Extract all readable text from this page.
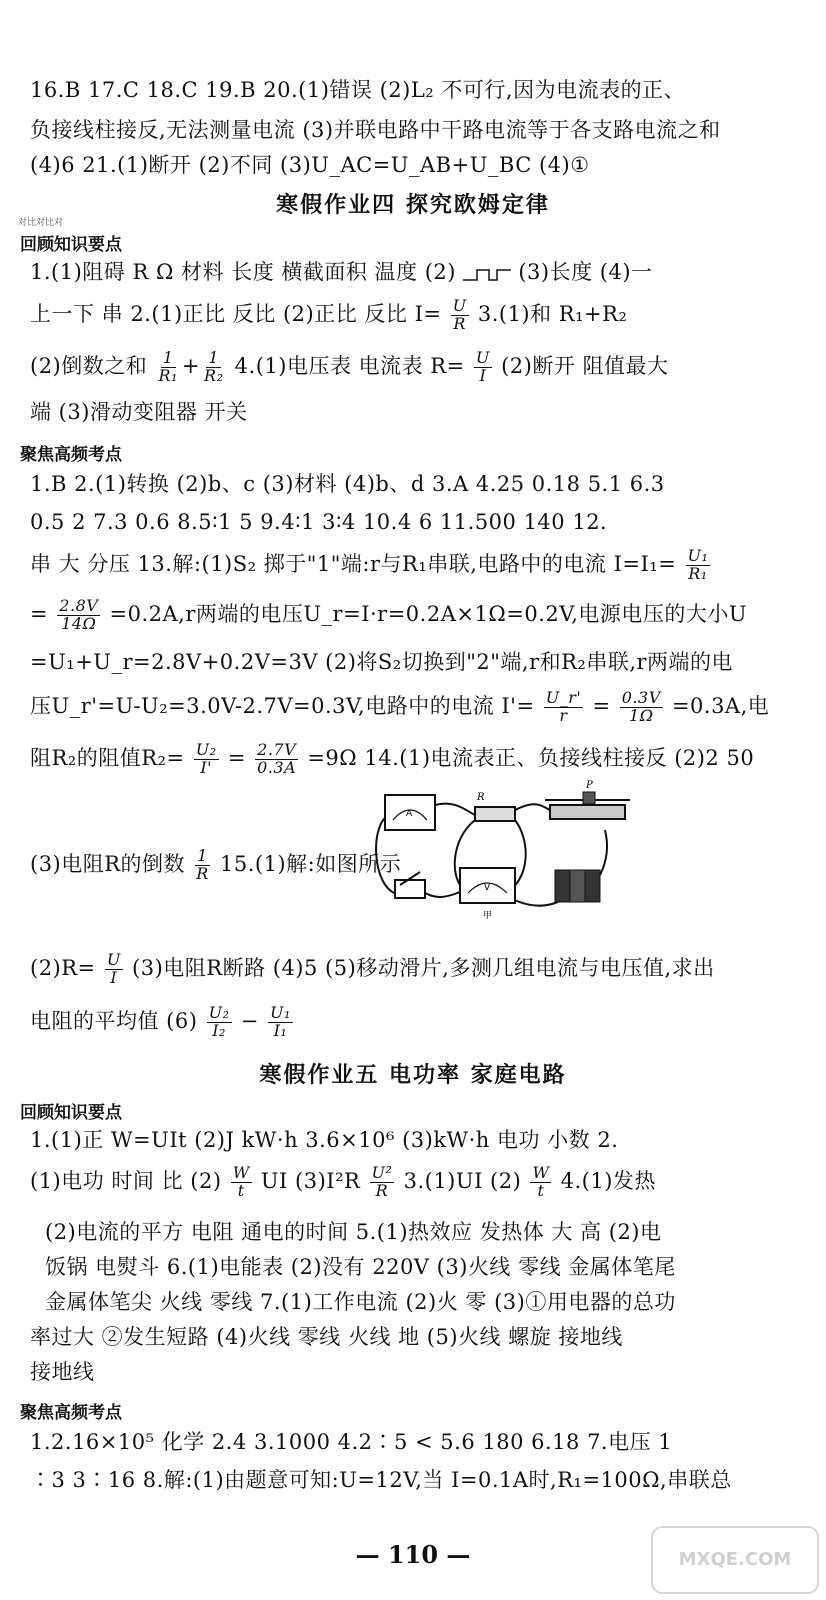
16.B 17.C 18.C 19.B 20.(1)错误 (2)L₂ 不可行,因为电流表的正、
负接线柱接反,无法测量电流 (3)并联电路中干路电流等于各支路电流之和
(4)6 21.(1)断开 (2)不同 (3)U_AC=U_AB+U_BC (4)①
对比对比对
寒假作业四 探究欧姆定律
回顾知识要点
1.(1)阻碍 R Ω 材料 长度 横截面积 温度 (2)	(3)长度 (4)一
上一下 串 2.(1)正比 反比 (2)正比 反比 $I= \frac{U}{R} 3.(1)$和 R₁+R₂
(2)倒数之和 $\frac{1}{\text{R₁}} + \frac{1}{\text{R₂}} 4.(1)$电压表 电流表 $R= \frac{U}{I} (2)$断开 阻值最大
端 (3)滑动变阻器 开关
聚焦高频考点
1.B 2.(1)转换 (2)b、c (3)材料 (4)b、d 3.A 4.25 0.18 5.1 6.3
0.5 2 7.3 0.6 8.5∶1 5 9.4∶1 3∶4 10.4 6 11.500 140 12.
串 大 分压 13.解:(1)S₂ 掷于"1"端:r与R₁串联,电路中的电流 $I=I_1= \frac{\text{U₁}}{\text{R₁}}$
= $\frac{2.8V}{14\Omega} =0.2A,r$两端的电压U_r=I·r=0.2A×1Ω=0.2V,电源电压的大小U
=U₁+U_r=2.8V+0.2V=3V (2)将S₂切换到"2"端,r和R₂串联,r两端的电
压U_r'=U-U₂=3.0V-2.7V=0.3V,电路中的电流 $I'= \frac{U\_r'}{r} = \frac{0.3V}{1\Omega} =0.3A$,电
阻R₂的阻值$R_2= \frac{\text{U₂}}{I'} = \frac{2.7V}{0.3A} =9\Omega$ 14.(1)电流表正、负接线柱接反 (2)2 50
A
R
P
V
甲
(3)电阻R的倒数 $\frac{1}{R} 15.(1)$解:如图所示
$(2)R= \frac{U}{I} (3)$电阻R断路 (4)5 (5)移动滑片,多测几组电流与电压值,求出
电阻的平均值 $(6) \frac{\text{U₂}}{\text{I₂}} - \frac{\text{U₁}}{\text{I₁}}$
寒假作业五 电功率 家庭电路
回顾知识要点
1.(1)正 W=UIt (2)J kW·h 3.6×10⁶ (3)kW·h 电功 小数 2.
(1)电功 时间 比 $(2) \frac{W}{t}$ UI $(3)I^2R \frac{\text{U²}}{R} 3.(1)UI$ $(2) \frac{W}{t} 4.(1)$发热
(2)电流的平方 电阻 通电的时间 5.(1)热效应 发热体 大 高 (2)电
饭锅 电熨斗 6.(1)电能表 (2)没有 220V (3)火线 零线 金属体笔尾
金属体笔尖 火线 零线 7.(1)工作电流 (2)火 零 (3)①用电器的总功
率过大 ②发生短路 (4)火线 零线 火线 地 (5)火线 螺旋 接地线
接地线
聚焦高频考点
1.2.16×10⁵ 化学 2.4 3.1000 4.2∶5 < 5.6 180 6.18 7.电压 1
∶3 3∶16 8.解:(1)由题意可知:U=12V,当 I=0.1A时,R₁=100Ω,串联总
— 110 —	MXQE.COM
